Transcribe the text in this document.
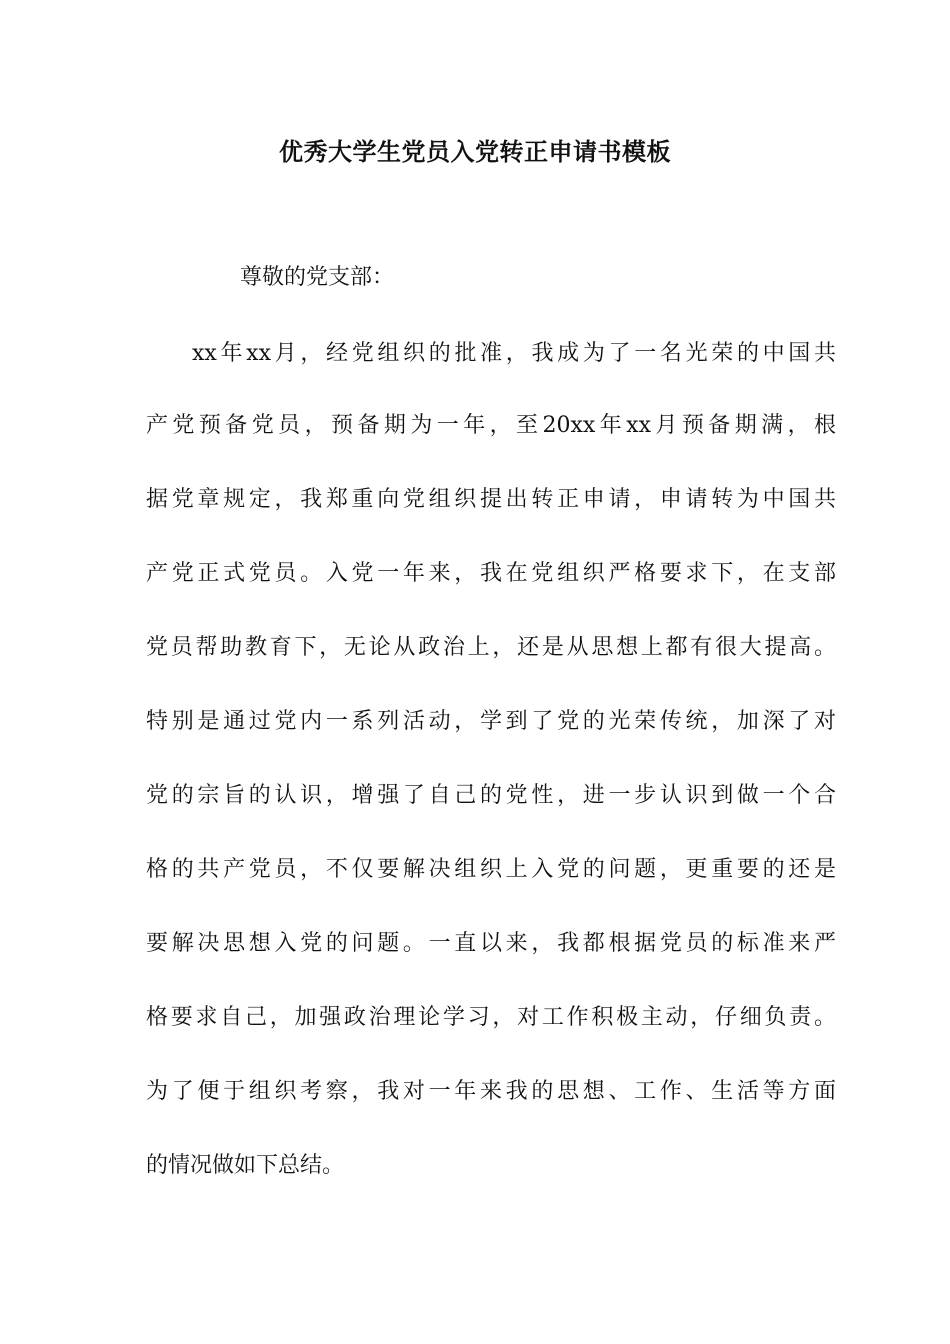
优秀大学生党员入党转正申请书模板
尊敬的党支部：
xx年xx月，经党组织的批准，我成为了一名光荣的中国共
产党预备党员，预备期为一年，至20xx年xx月预备期满，根
据党章规定，我郑重向党组织提出转正申请，申请转为中国共
产党正式党员。入党一年来，我在党组织严格要求下，在支部
党员帮助教育下，无论从政治上，还是从思想上都有很大提高。
特别是通过党内一系列活动，学到了党的光荣传统，加深了对
党的宗旨的认识，增强了自己的党性，进一步认识到做一个合
格的共产党员，不仅要解决组织上入党的问题，更重要的还是
要解决思想入党的问题。一直以来，我都根据党员的标准来严
格要求自己，加强政治理论学习，对工作积极主动，仔细负责。
为了便于组织考察，我对一年来我的思想、工作、生活等方面
的情况做如下总结。
